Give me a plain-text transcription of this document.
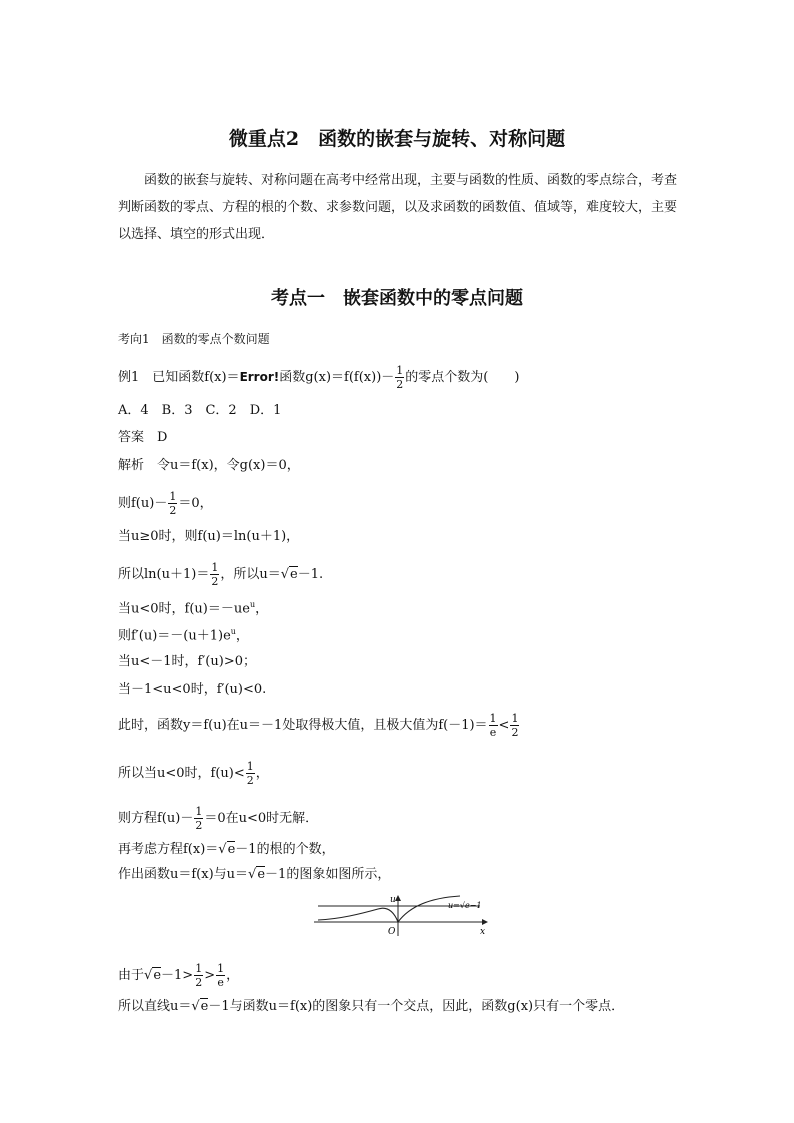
微重点2　函数的嵌套与旋转、对称问题
函数的嵌套与旋转、对称问题在高考中经常出现，主要与函数的性质、函数的零点综合，考查判断函数的零点、方程的根的个数、求参数问题，以及求函数的函数值、值域等，难度较大，主要以选择、填空的形式出现．
考点一　嵌套函数中的零点问题
考向1　函数的零点个数问题
例1　已知函数f(x)＝Error!函数$g(x)=f(f(x))- \frac{1}{2}$ 的零点个数为(　　)
A．4　B．3　C．2　D．1
答案　D
解析　令u＝f(x)，令g(x)＝0，
则$f(u)- \frac{1}{2} =0$，
当u≥0时，则f(u)＝ln(u＋1)，
所以$\ln(u+1)= \frac{1}{2}$ ，所以u＝√e－1.
当u<0时，$f(u)=-ue^u$，
则$f'(u)=-(u+1)e^u$，
当u<－1时，f′(u)>0；
当－1<u<0时，f′(u)<0.
此时，函数y＝f(u)在u＝－1处取得极大值，且极大值为$f(-1)= \frac{1}{e} < \frac{1}{2}$
所以当u<0时，$f(u)< \frac{1}{2}$ ，
则方程$f(u)- \frac{1}{2} =0$在u<0时无解．
再考虑方程f(x)＝√e－1的根的个数，
作出函数u＝f(x)与u＝√e－1的图象如图所示，
u
x
O
u=√e−1
由于$√e-1> \frac{1}{2} > \frac{1}{e}$ ，
所以直线u＝√e－1与函数u＝f(x)的图象只有一个交点，因此，函数g(x)只有一个零点．
